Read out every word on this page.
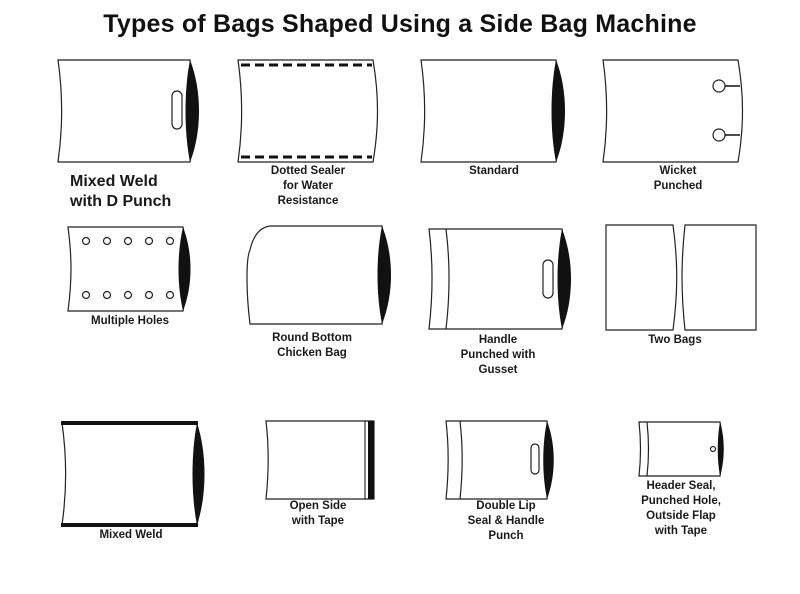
Types of Bags Shaped Using a Side Bag Machine
Mixed Weld
with D Punch
Dotted Sealer
for Water
Resistance
Standard	Wicket
Punched
Multiple Holes
Round Bottom
Chicken Bag
Handle
Punched with
Gusset
Two Bags
Mixed Weld
Open Side
with Tape
Double Lip
Seal & Handle
Punch
Header Seal,
Punched Hole,
Outside Flap
with Tape
